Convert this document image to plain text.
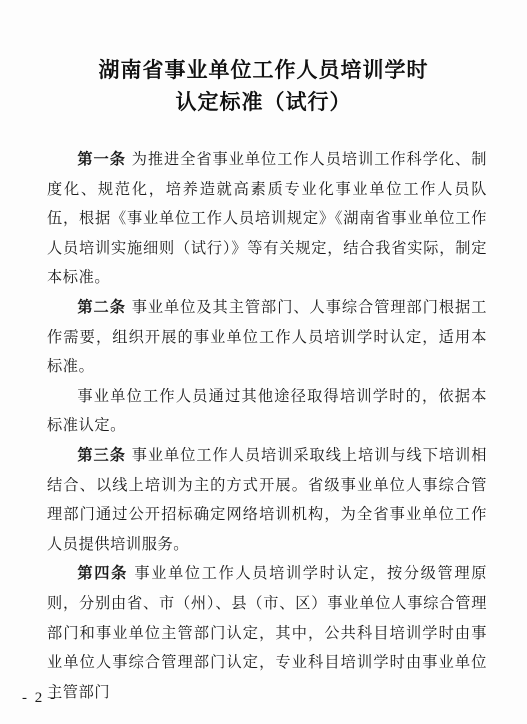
湖南省事业单位工作人员培训学时
认定标准（试行）

第一条 为推进全省事业单位工作人员培训工作科学化、制度化、规范化，培养造就高素质专业化事业单位工作人员队伍，根据《事业单位工作人员培训规定》《湖南省事业单位工作人员培训实施细则（试行）》等有关规定，结合我省实际，制定本标准。

第二条 事业单位及其主管部门、人事综合管理部门根据工作需要，组织开展的事业单位工作人员培训学时认定，适用本标准。

事业单位工作人员通过其他途径取得培训学时的，依据本标准认定。

第三条 事业单位工作人员培训采取线上培训与线下培训相结合、以线上培训为主的方式开展。省级事业单位人事综合管理部门通过公开招标确定网络培训机构，为全省事业单位工作人员提供培训服务。

第四条 事业单位工作人员培训学时认定，按分级管理原则，分别由省、市（州）、县（市、区）事业单位人事综合管理部门和事业单位主管部门认定，其中，公共科目培训学时由事业单位人事综合管理部门认定，专业科目培训学时由事业单位主管部门

- 2 -
